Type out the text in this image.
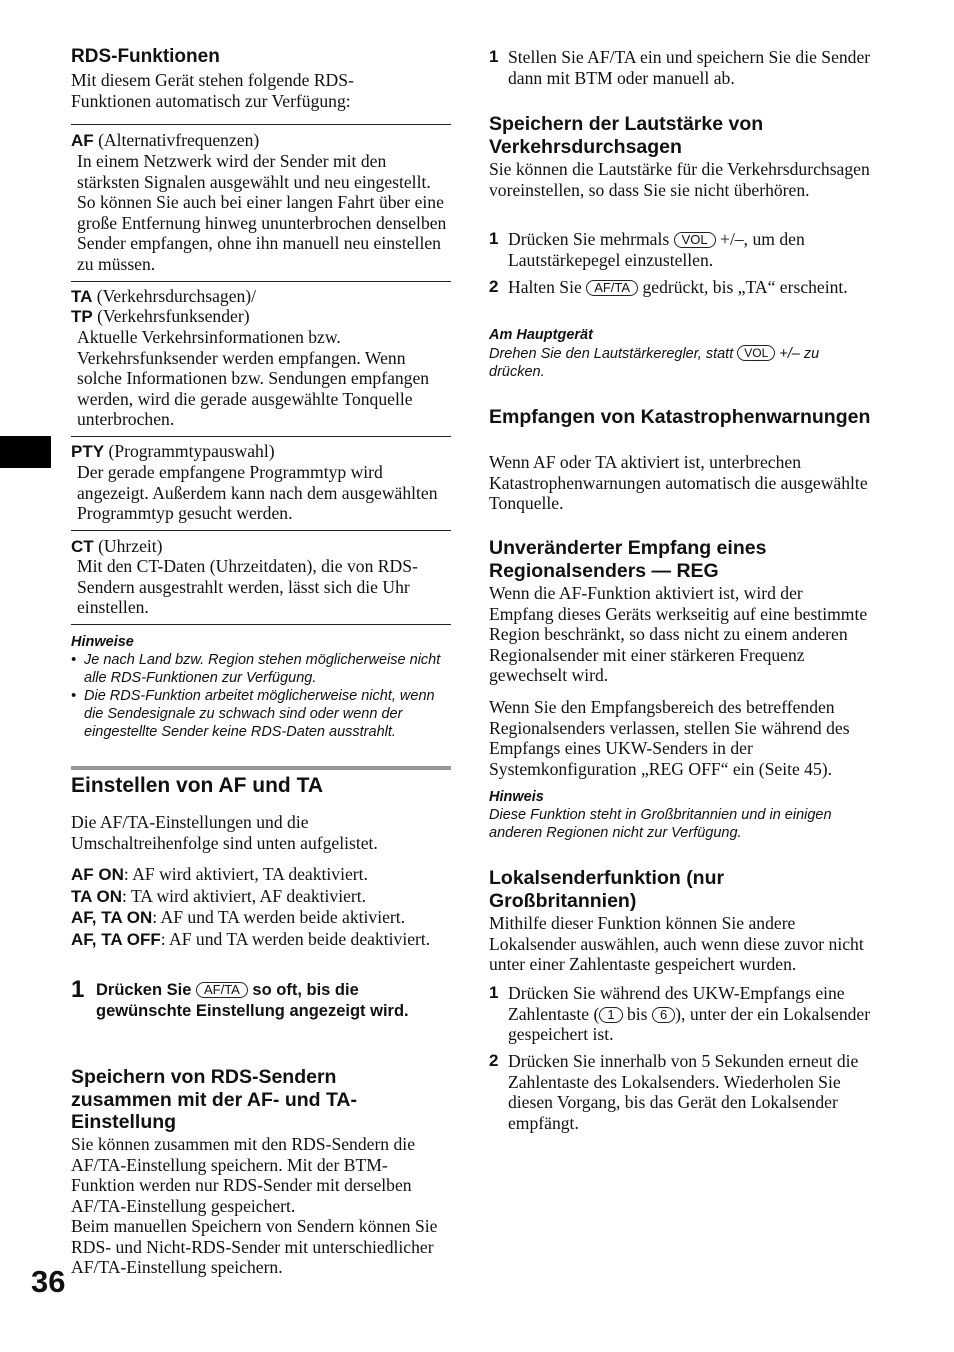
36
RDS-Funktionen
Mit diesem Gerät stehen folgende RDS-Funktionen automatisch zur Verfügung:
AF (Alternativfrequenzen)
In einem Netzwerk wird der Sender mit den stärksten Signalen ausgewählt und neu eingestellt. So können Sie auch bei einer langen Fahrt über eine große Entfernung hinweg ununterbrochen denselben Sender empfangen, ohne ihn manuell neu einstellen zu müssen.
TA (Verkehrsdurchsagen)/
TP (Verkehrsfunksender)
Aktuelle Verkehrsinformationen bzw. Verkehrsfunksender werden empfangen. Wenn solche Informationen bzw. Sendungen empfangen werden, wird die gerade ausgewählte Tonquelle unterbrochen.
PTY (Programmtypauswahl)
Der gerade empfangene Programmtyp wird angezeigt. Außerdem kann nach dem ausgewählten Programmtyp gesucht werden.
CT (Uhrzeit)
Mit den CT-Daten (Uhrzeitdaten), die von RDS-Sendern ausgestrahlt werden, lässt sich die Uhr einstellen.
Hinweise
• Je nach Land bzw. Region stehen möglicherweise nicht alle RDS-Funktionen zur Verfügung.
• Die RDS-Funktion arbeitet möglicherweise nicht, wenn die Sendesignale zu schwach sind oder wenn der eingestellte Sender keine RDS-Daten ausstrahlt.
Einstellen von AF und TA
Die AF/TA-Einstellungen und die Umschaltreihenfolge sind unten aufgelistet.
AF ON: AF wird aktiviert, TA deaktiviert.
TA ON: TA wird aktiviert, AF deaktiviert.
AF, TA ON: AF und TA werden beide aktiviert.
AF, TA OFF: AF und TA werden beide deaktiviert.
1 Drücken Sie AF/TA so oft, bis die gewünschte Einstellung angezeigt wird.
Speichern von RDS-Sendern zusammen mit der AF- und TA-Einstellung
Sie können zusammen mit den RDS-Sendern die AF/TA-Einstellung speichern. Mit der BTM-Funktion werden nur RDS-Sender mit derselben AF/TA-Einstellung gespeichert.
Beim manuellen Speichern von Sendern können Sie RDS- und Nicht-RDS-Sender mit unterschiedlicher AF/TA-Einstellung speichern.
1 Stellen Sie AF/TA ein und speichern Sie die Sender dann mit BTM oder manuell ab.
Speichern der Lautstärke von Verkehrsdurchsagen
Sie können die Lautstärke für die Verkehrsdurchsagen voreinstellen, so dass Sie sie nicht überhören.
1 Drücken Sie mehrmals VOL +/–, um den Lautstärkepegel einzustellen.
2 Halten Sie AF/TA gedrückt, bis „TA“ erscheint.
Am Hauptgerät
Drehen Sie den Lautstärkeregler, statt VOL +/– zu drücken.
Empfangen von Katastrophenwarnungen
Wenn AF oder TA aktiviert ist, unterbrechen Katastrophenwarnungen automatisch die ausgewählte Tonquelle.
Unveränderter Empfang eines Regionalsenders — REG
Wenn die AF-Funktion aktiviert ist, wird der Empfang dieses Geräts werkseitig auf eine bestimmte Region beschränkt, so dass nicht zu einem anderen Regionalsender mit einer stärkeren Frequenz gewechselt wird.
Wenn Sie den Empfangsbereich des betreffenden Regionalsenders verlassen, stellen Sie während des Empfangs eines UKW-Senders in der Systemkonfiguration „REG OFF“ ein (Seite 45).
Hinweis
Diese Funktion steht in Großbritannien und in einigen anderen Regionen nicht zur Verfügung.
Lokalsenderfunktion (nur Großbritannien)
Mithilfe dieser Funktion können Sie andere Lokalsender auswählen, auch wenn diese zuvor nicht unter einer Zahlentaste gespeichert wurden.
1 Drücken Sie während des UKW-Empfangs eine Zahlentaste ( 1 bis 6 ), unter der ein Lokalsender gespeichert ist.
2 Drücken Sie innerhalb von 5 Sekunden erneut die Zahlentaste des Lokalsenders. Wiederholen Sie diesen Vorgang, bis das Gerät den Lokalsender empfängt.
